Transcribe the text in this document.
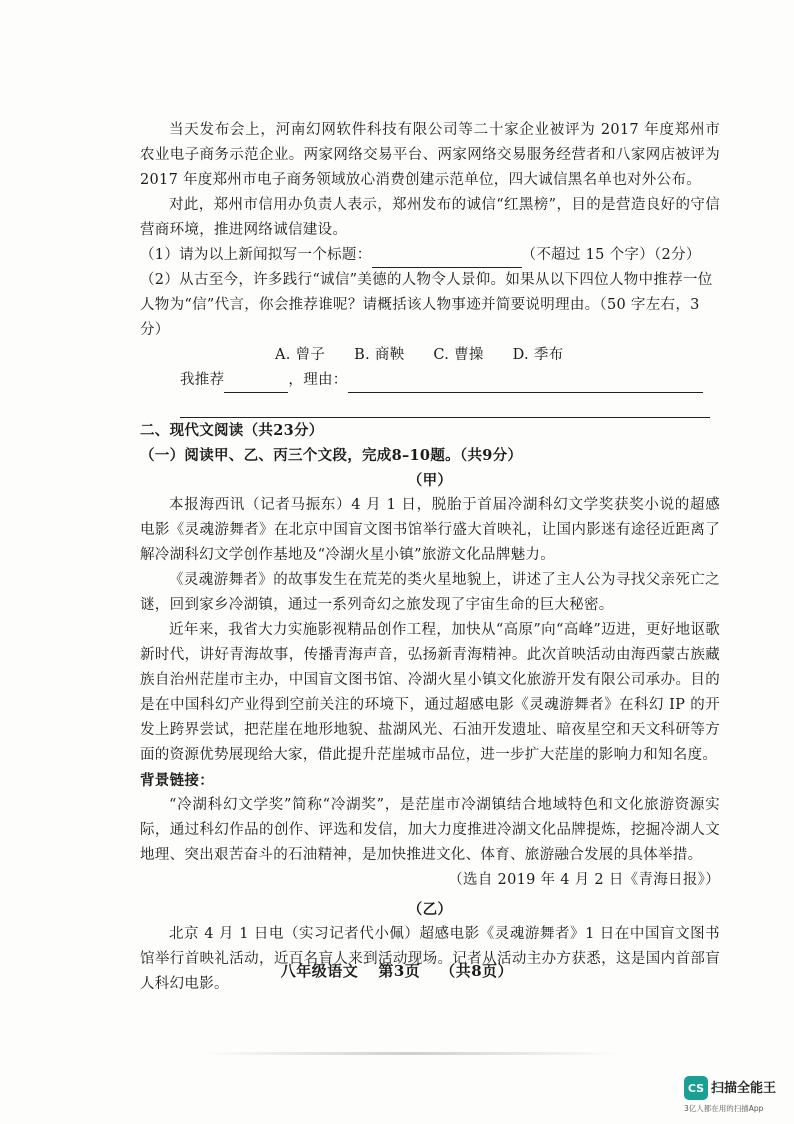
当天发布会上，河南幻网软件科技有限公司等二十家企业被评为 2017 年度郑州市农业电子商务示范企业。两家网络交易平台、两家网络交易服务经营者和八家网店被评为 2017 年度郑州市电子商务领域放心消费创建示范单位，四大诚信黑名单也对外公布。

对此，郑州市信用办负责人表示，郑州发布的诚信“红黑榜”，目的是营造良好的守信营商环境，推进网络诚信建设。

（1）请为以上新闻拟写一个标题：	（不超过 15 个字）（2分）

（2）从古至今，许多践行“诚信”美德的人物令人景仰。如果从以下四位人物中推荐一位人物为“信”代言，你会推荐谁呢？请概括该人物事迹并简要说明理由。（50 字左右，3分）

A. 曾子 B. 商鞅 C. 曹操 D. 季布

我推荐	，理由：

二、现代文阅读（共23分）

（一）阅读甲、乙、丙三个文段，完成8–10题。（共9分）

（甲）

本报海西讯（记者马振东）4 月 1 日，脱胎于首届冷湖科幻文学奖获奖小说的超感电影《灵魂游舞者》在北京中国盲文图书馆举行盛大首映礼，让国内影迷有途径近距离了解冷湖科幻文学创作基地及“冷湖火星小镇”旅游文化品牌魅力。

《灵魂游舞者》的故事发生在荒芜的类火星地貌上，讲述了主人公为寻找父亲死亡之谜，回到家乡冷湖镇，通过一系列奇幻之旅发现了宇宙生命的巨大秘密。

近年来，我省大力实施影视精品创作工程，加快从“高原”向“高峰”迈进，更好地讴歌新时代，讲好青海故事，传播青海声音，弘扬新青海精神。此次首映活动由海西蒙古族藏族自治州茫崖市主办，中国盲文图书馆、冷湖火星小镇文化旅游开发有限公司承办。目的是在中国科幻产业得到空前关注的环境下，通过超感电影《灵魂游舞者》在科幻 IP 的开发上跨界尝试，把茫崖在地形地貌、盐湖风光、石油开发遗址、暗夜星空和天文科研等方面的资源优势展现给大家，借此提升茫崖城市品位，进一步扩大茫崖的影响力和知名度。

背景链接：

“冷湖科幻文学奖”简称“冷湖奖”，是茫崖市冷湖镇结合地域特色和文化旅游资源实际，通过科幻作品的创作、评选和发信，加大力度推进冷湖文化品牌提炼，挖掘冷湖人文地理、突出艰苦奋斗的石油精神，是加快推进文化、体育、旅游融合发展的具体举措。

（选自 2019 年 4 月 2 日《青海日报》）

（乙）

北京 4 月 1 日电（实习记者代小佩）超感电影《灵魂游舞者》1 日在中国盲文图书馆举行首映礼活动，近百名盲人来到活动现场。记者从活动主办方获悉，这是国内首部盲人科幻电影。

八年级语文 第3页 （共8页）
CS 扫描全能王
3亿人都在用的扫描App
